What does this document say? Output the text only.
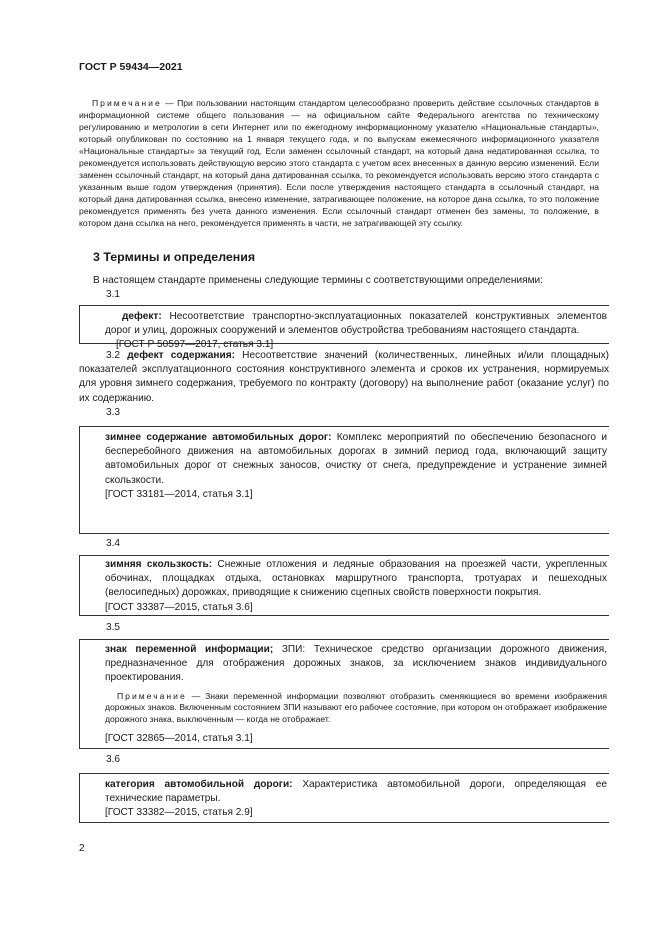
ГОСТ Р 59434—2021
Примечание — При пользовании настоящим стандартом целесообразно проверить действие ссылочных стандартов в информационной системе общего пользования — на официальном сайте Федерального агентства по техническому регулированию и метрологии в сети Интернет или по ежегодному информационному указателю «Национальные стандарты», который опубликован по состоянию на 1 января текущего года, и по выпускам ежемесячного информационного указателя «Национальные стандарты» за текущий год. Если заменен ссылочный стандарт, на который дана недатированная ссылка, то рекомендуется использовать действующую версию этого стандарта с учетом всех внесенных в данную версию изменений. Если заменен ссылочный стандарт, на который дана датированная ссылка, то рекомендуется использовать версию этого стандарта с указанным выше годом утверждения (принятия). Если после утверждения настоящего стандарта в ссылочный стандарт, на который дана датированная ссылка, внесено изменение, затрагивающее положение, на которое дана ссылка, то это положение рекомендуется применять без учета данного изменения. Если ссылочный стандарт отменен без замены, то положение, в котором дана ссылка на него, рекомендуется применять в части, не затрагивающей эту ссылку.
3 Термины и определения
В настоящем стандарте применены следующие термины с соответствующими определениями:
3.1
дефект: Несоответствие транспортно-эксплуатационных показателей конструктивных элементов дорог и улиц, дорожных сооружений и элементов обустройства требованиям настоящего стандарта.
[ГОСТ Р 50597—2017, статья 3.1]
3.2 дефект содержания: Несоответствие значений (количественных, линейных и/или площадных) показателей эксплуатационного состояния конструктивного элемента и сроков их устранения, нормируемых для уровня зимнего содержания, требуемого по контракту (договору) на выполнение работ (оказание услуг) по их содержанию.
3.3
зимнее содержание автомобильных дорог: Комплекс мероприятий по обеспечению безопасного и бесперебойного движения на автомобильных дорогах в зимний период года, включающий защиту автомобильных дорог от снежных заносов, очистку от снега, предупреждение и устранение зимней скользкости.
[ГОСТ 33181—2014, статья 3.1]
3.4
зимняя скользкость: Снежные отложения и ледяные образования на проезжей части, укрепленных обочинах, площадках отдыха, остановках маршрутного транспорта, тротуарах и пешеходных (велосипедных) дорожках, приводящие к снижению сцепных свойств поверхности покрытия.
[ГОСТ 33387—2015, статья 3.6]
3.5
знак переменной информации; ЗПИ: Техническое средство организации дорожного движения, предназначенное для отображения дорожных знаков, за исключением знаков индивидуального проектирования.
Примечание — Знаки переменной информации позволяют отобразить сменяющиеся во времени изображения дорожных знаков. Включенным состоянием ЗПИ называют его рабочее состояние, при котором он отображает изображение дорожного знака, выключенным — когда не отображает.
[ГОСТ 32865—2014, статья 3.1]
3.6
категория автомобильной дороги: Характеристика автомобильной дороги, определяющая ее технические параметры.
[ГОСТ 33382—2015, статья 2.9]
2
